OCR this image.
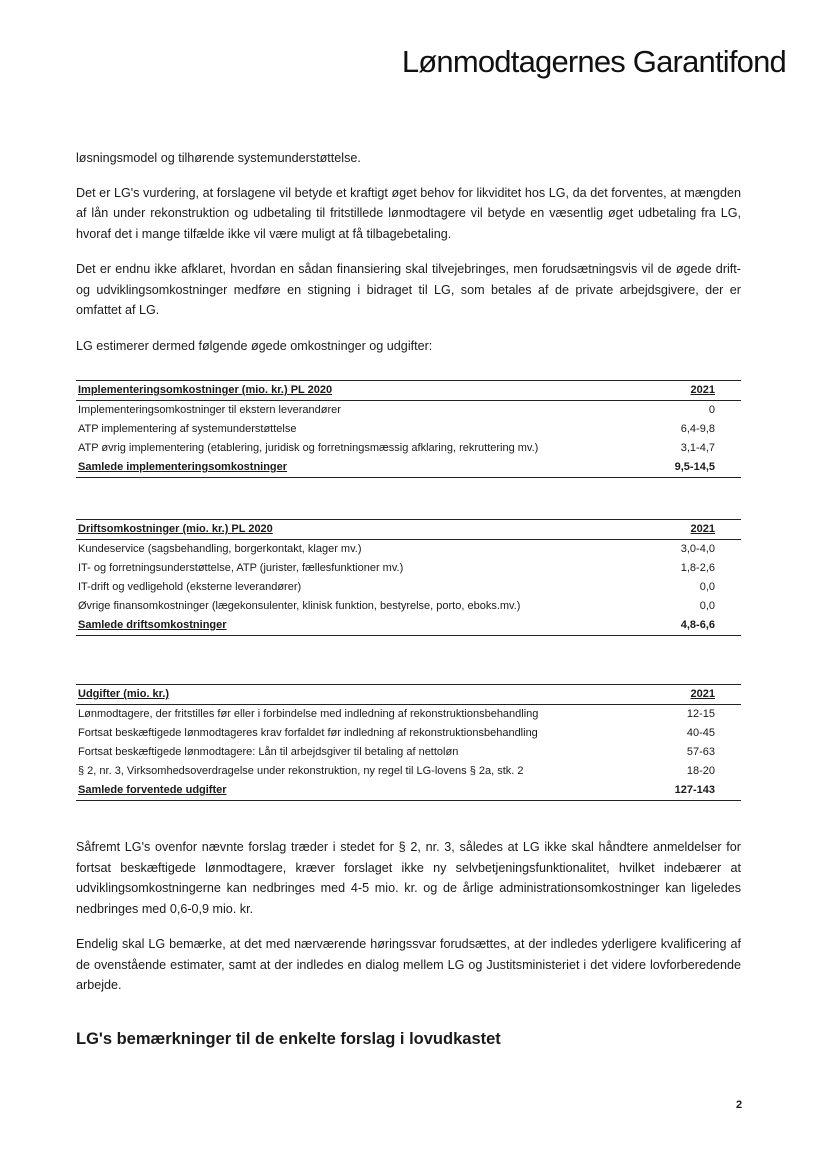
Lønmodtagernes Garantifond

løsningsmodel og tilhørende systemunderstøttelse.

Det er LG's vurdering, at forslagene vil betyde et kraftigt øget behov for likviditet hos LG, da det forventes, at mængden af lån under rekonstruktion og udbetaling til fritstillede lønmodtagere vil betyde en væsentlig øget udbetaling fra LG, hvoraf det i mange tilfælde ikke vil være muligt at få tilbagebetaling.

Det er endnu ikke afklaret, hvordan en sådan finansiering skal tilvejebringes, men forudsætningsvis vil de øgede drift- og udviklingsomkostninger medføre en stigning i bidraget til LG, som betales af de private arbejdsgivere, der er omfattet af LG.

LG estimerer dermed følgende øgede omkostninger og udgifter:

Implementeringsomkostninger (mio. kr.) PL 2020	2021
Implementeringsomkostninger til ekstern leverandører	0
ATP implementering af systemunderstøttelse	6,4-9,8
ATP øvrig implementering (etablering, juridisk og forretningsmæssig afklaring, rekruttering mv.)	3,1-4,7
Samlede implementeringsomkostninger	9,5-14,5
Driftsomkostninger (mio. kr.) PL 2020	2021
Kundeservice (sagsbehandling, borgerkontakt, klager mv.)	3,0-4,0
IT- og forretningsunderstøttelse, ATP (jurister, fællesfunktioner mv.)	1,8-2,6
IT-drift og vedligehold (eksterne leverandører)	0,0
Øvrige finansomkostninger (lægekonsulenter, klinisk funktion, bestyrelse, porto, eboks.mv.)	0,0
Samlede driftsomkostninger	4,8-6,6
Udgifter (mio. kr.)	2021
Lønmodtagere, der fritstilles før eller i forbindelse med indledning af rekonstruktionsbehandling	12-15
Fortsat beskæftigede lønmodtageres krav forfaldet før indledning af rekonstruktionsbehandling	40-45
Fortsat beskæftigede lønmodtagere: Lån til arbejdsgiver til betaling af nettoløn	57-63
§ 2, nr. 3, Virksomhedsoverdragelse under rekonstruktion, ny regel til LG-lovens § 2a, stk. 2	18-20
Samlede forventede udgifter	127-143

Såfremt LG's ovenfor nævnte forslag træder i stedet for § 2, nr. 3, således at LG ikke skal håndtere anmeldelser for fortsat beskæftigede lønmodtagere, kræver forslaget ikke ny selvbetjeningsfunktionalitet, hvilket indebærer at udviklingsomkostningerne kan nedbringes med 4-5 mio. kr. og de årlige administrationsomkostninger kan ligeledes nedbringes med 0,6-0,9 mio. kr.

Endelig skal LG bemærke, at det med nærværende høringssvar forudsættes, at der indledes yderligere kvalificering af de ovenstående estimater, samt at der indledes en dialog mellem LG og Justitsministeriet i det videre lovforberedende arbejde.

LG's bemærkninger til de enkelte forslag i lovudkastet
2
